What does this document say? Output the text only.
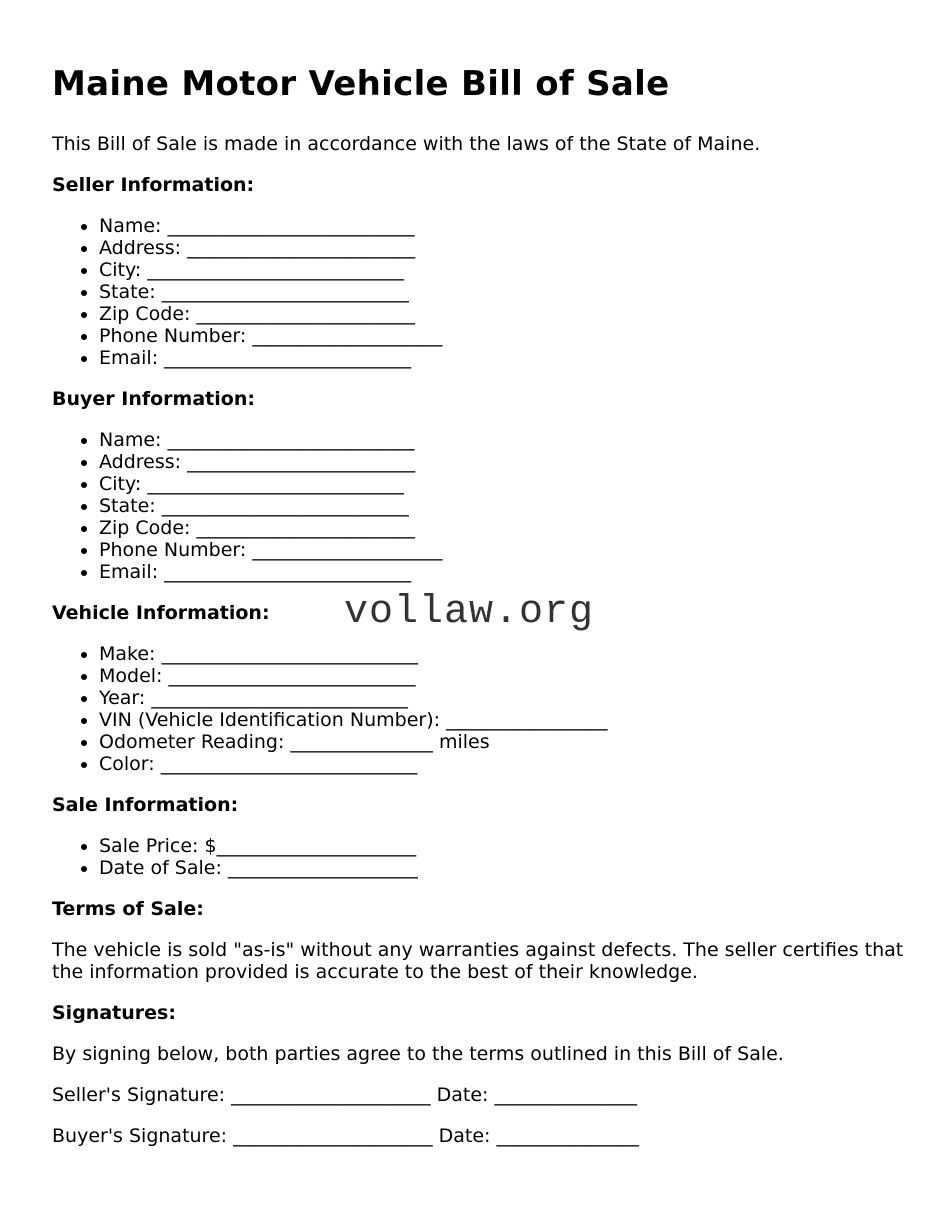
Maine Motor Vehicle Bill of Sale

This Bill of Sale is made in accordance with the laws of the State of Maine.

Seller Information:
• Name: __________________________
• Address: ________________________
• City: ___________________________
• State: __________________________
• Zip Code: _______________________
• Phone Number: ____________________
• Email: __________________________
Buyer Information:
• Name: __________________________
• Address: ________________________
• City: ___________________________
• State: __________________________
• Zip Code: _______________________
• Phone Number: ____________________
• Email: __________________________
Vehicle Information:	vollaw.org
• Make: ___________________________
• Model: __________________________
• Year: ___________________________
• VIN (Vehicle Identification Number): _________________
• Odometer Reading: _______________ miles
• Color: ___________________________
Sale Information:
• Sale Price: $_____________________
• Date of Sale: ____________________
Terms of Sale:

The vehicle is sold "as-is" without any warranties against defects. The seller certifies that the information provided is accurate to the best of their knowledge.

Signatures:

By signing below, both parties agree to the terms outlined in this Bill of Sale.

Seller's Signature: _____________________ Date: _______________

Buyer's Signature: _____________________ Date: _______________
